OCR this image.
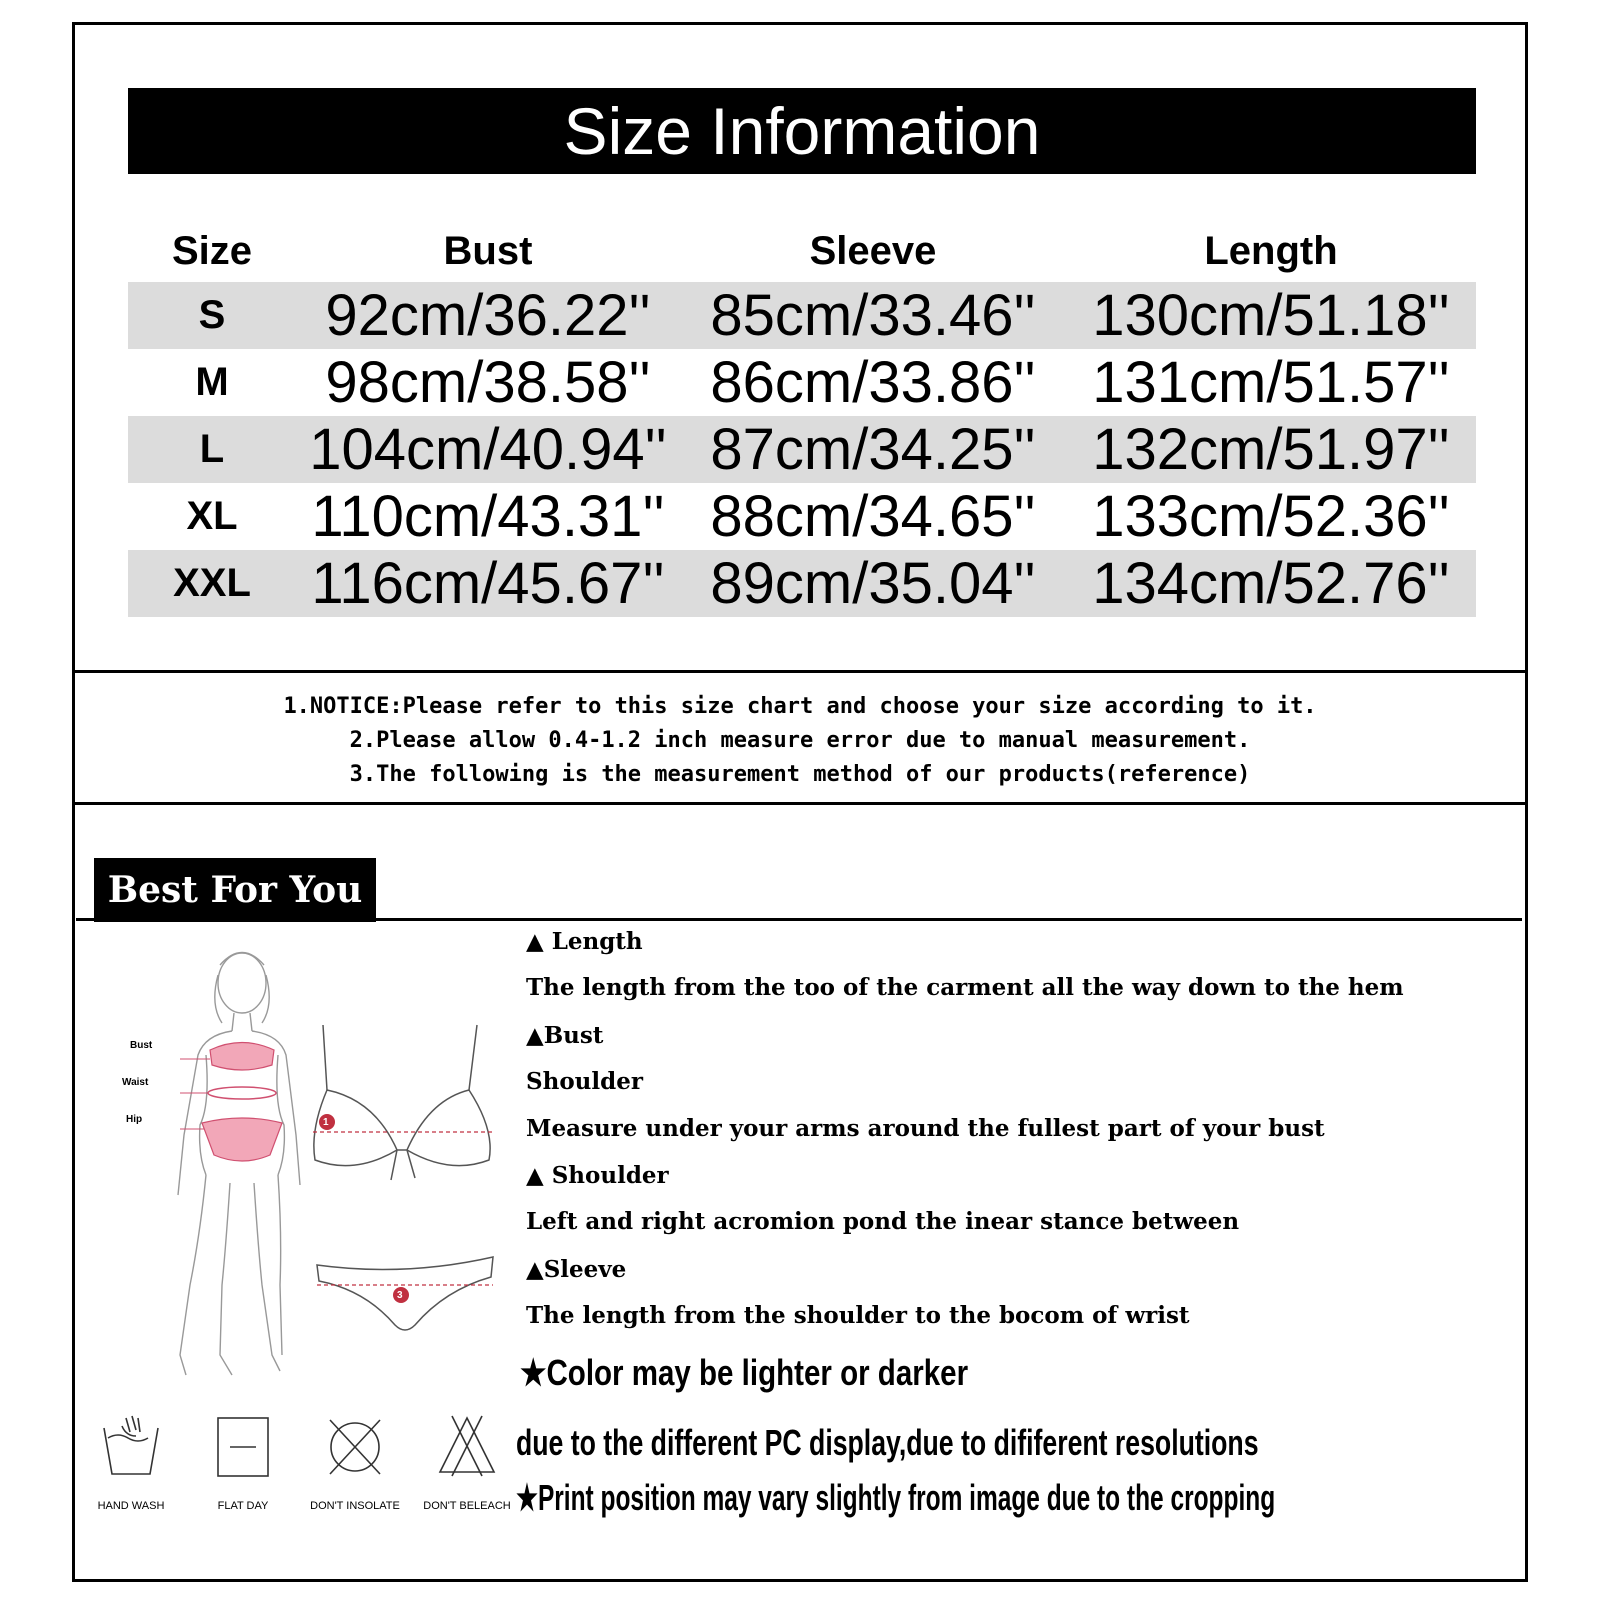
Size Information
Size	Bust	Sleeve	Length
S	92cm/36.22''	85cm/33.46''	130cm/51.18''
M	98cm/38.58''	86cm/33.86''	131cm/51.57''
L	104cm/40.94''	87cm/34.25''	132cm/51.97''
XL	110cm/43.31''	88cm/34.65''	133cm/52.36''
XXL	116cm/45.67''	89cm/35.04''	134cm/52.76''
1.NOTICE:Please refer to this size chart and choose your size according to it.
2.Please allow 0.4-1.2 inch measure error due to manual measurement.
3.The following is the measurement method of our products(reference)
Best For You
Bust
Waist
Hip	1
3
▲ Length
The length from the too of the carment all the way down to the hem
▲Bust
Shoulder
Measure under your arms around the fullest part of your bust
▲ Shoulder
Left and right acromion pond the inear stance between
▲Sleeve
The length from the shoulder to the bocom of wrist
★Color may be lighter or darker
due to the different PC display,due to dififerent resolutions
★Print position may vary slightly from image due to the cropping
HAND WASH	FLAT DAY	DON'T INSOLATE	DON'T BELEACH
